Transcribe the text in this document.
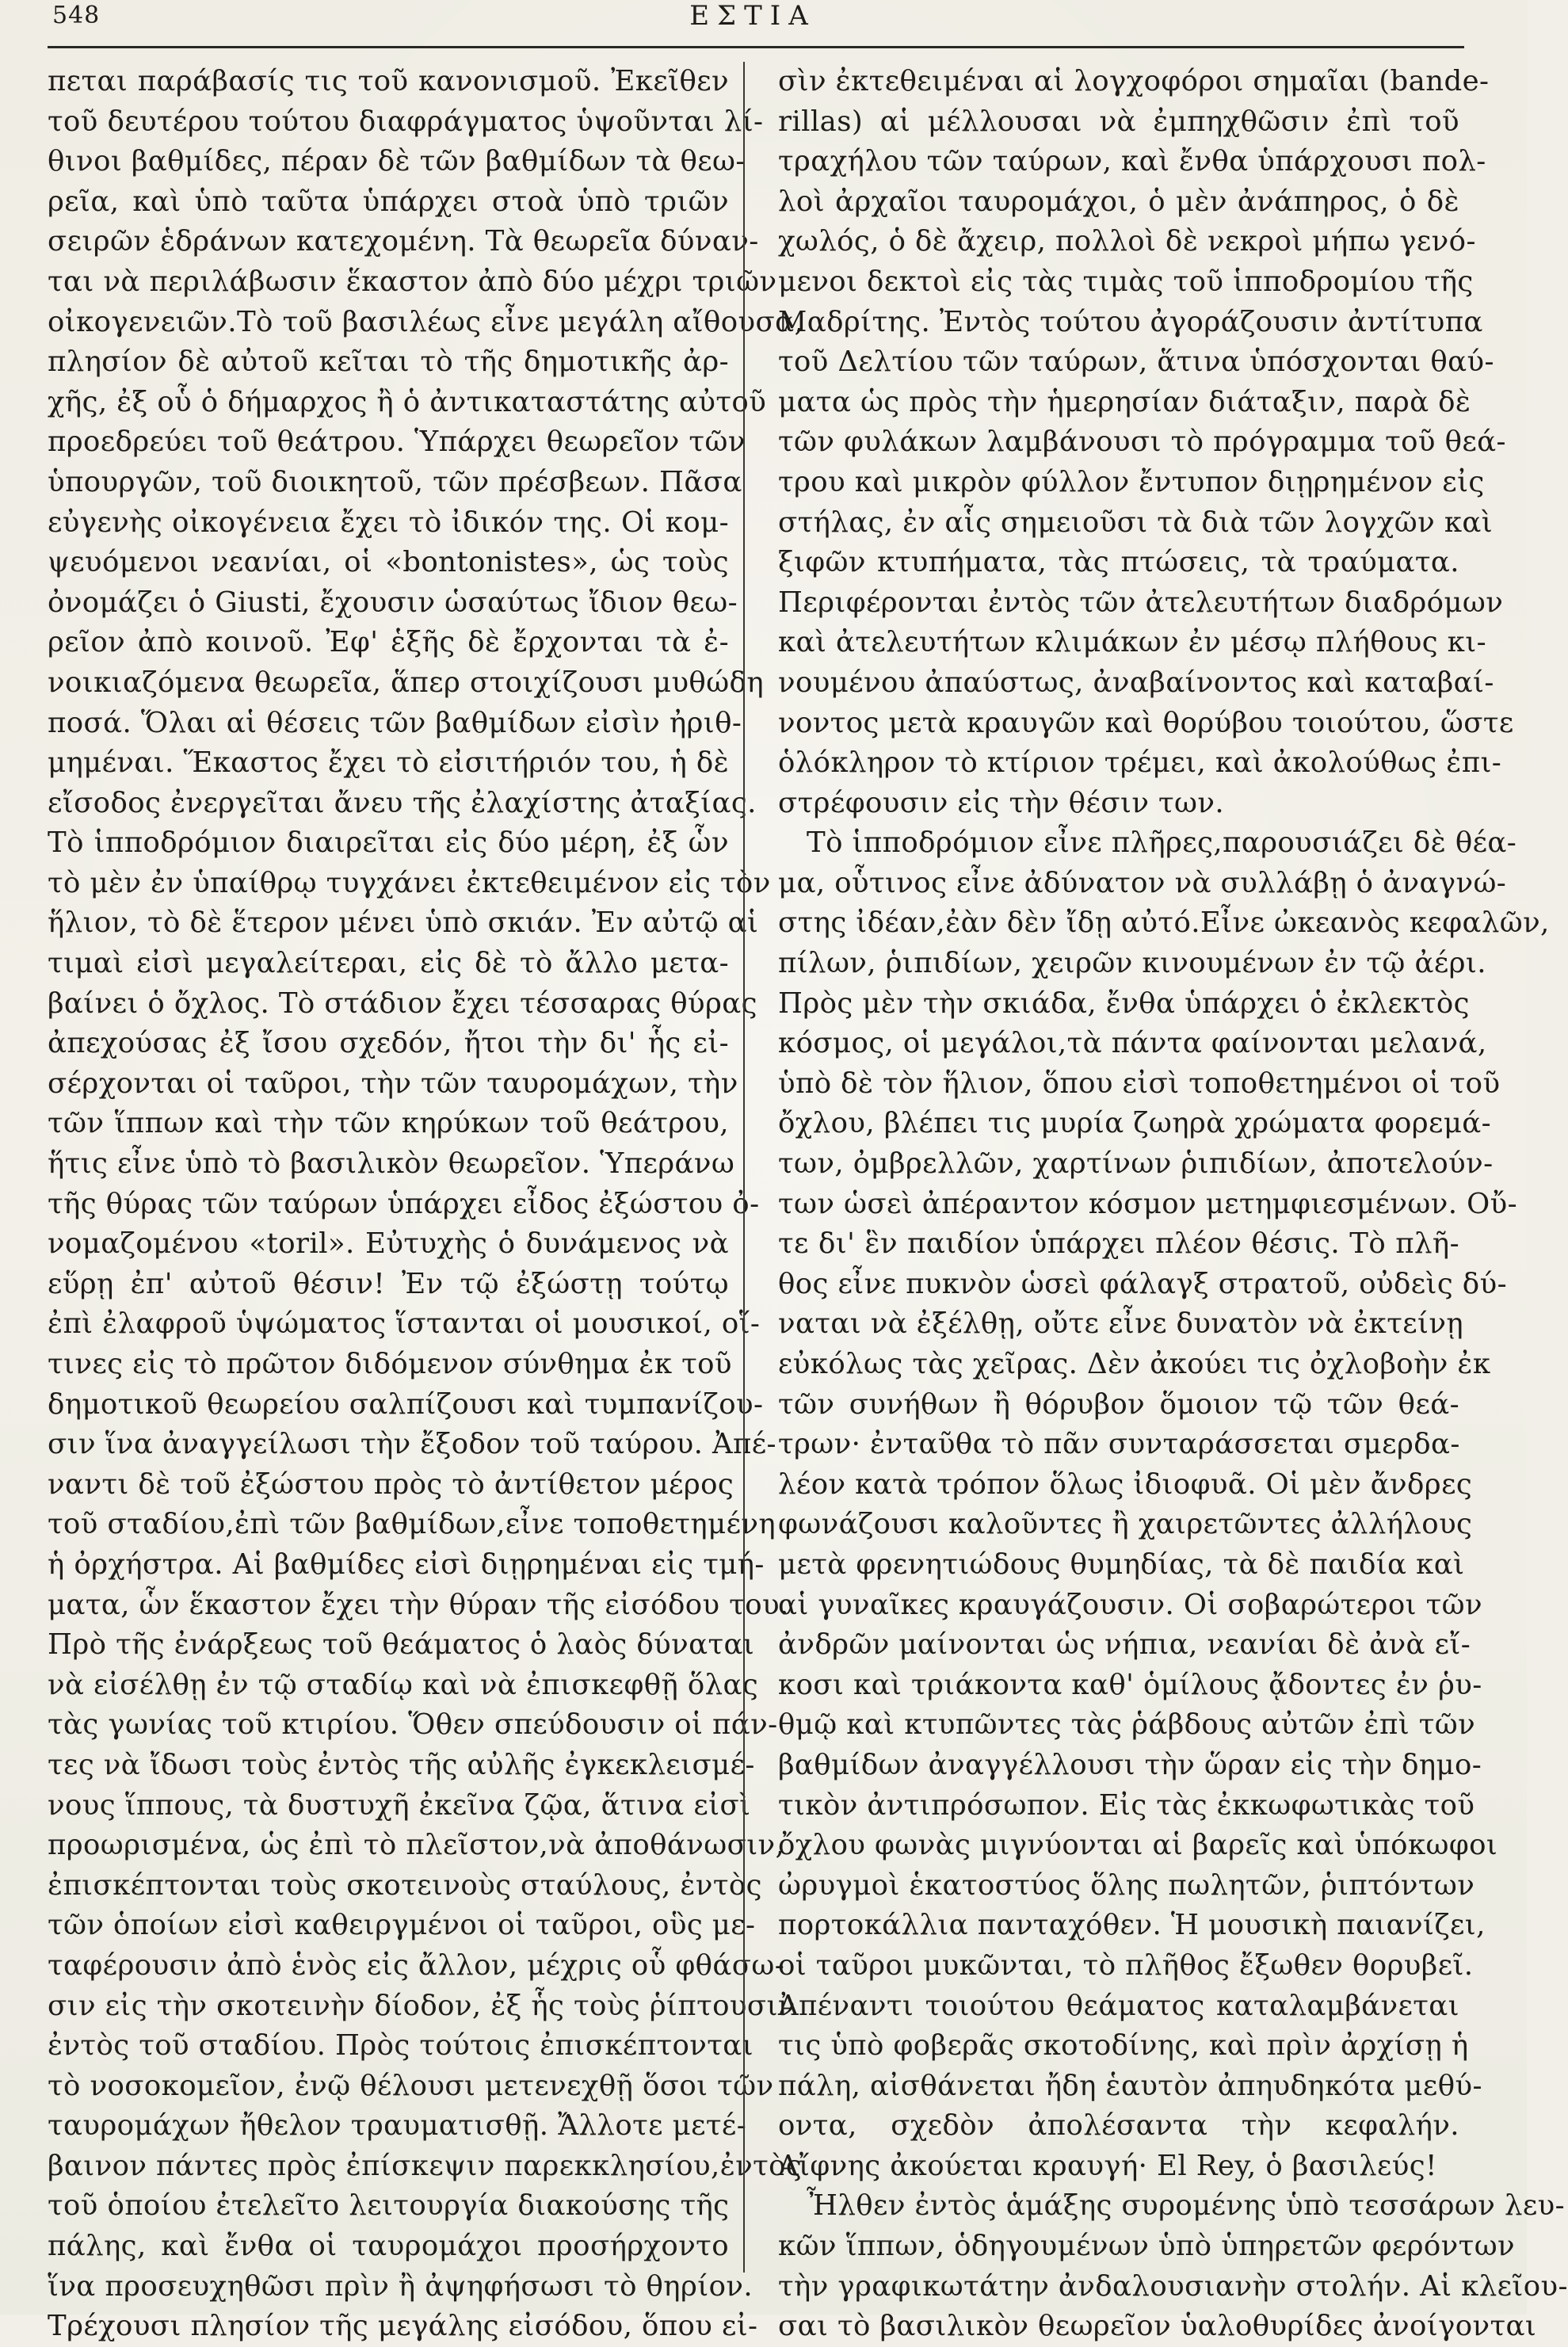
548	ΕΣΤΙΑ
πεται παράβασίς τις τοῦ κανονισμοῦ. Ἐκεῖθεν
τοῦ δευτέρου τούτου διαφράγματος ὑψοῦνται λί-
θινοι βαθμίδες, πέραν δὲ τῶν βαθμίδων τὰ θεω-
ρεῖα, καὶ ὑπὸ ταῦτα ὑπάρχει στοὰ ὑπὸ τριῶν
σειρῶν ἑδράνων κατεχομένη. Τὰ θεωρεῖα δύναν-
ται νὰ περιλάβωσιν ἕκαστον ἀπὸ δύο μέχρι τριῶν
οἰκογενειῶν.Τὸ τοῦ βασιλέως εἶνε μεγάλη αἴθουσα,
πλησίον δὲ αὐτοῦ κεῖται τὸ τῆς δημοτικῆς ἀρ-
χῆς, ἐξ οὗ ὁ δήμαρχος ἢ ὁ ἀντικαταστάτης αὐτοῦ
προεδρεύει τοῦ θεάτρου. Ὑπάρχει θεωρεῖον τῶν
ὑπουργῶν, τοῦ διοικητοῦ, τῶν πρέσβεων. Πᾶσα
εὐγενὴς οἰκογένεια ἔχει τὸ ἰδικόν της. Οἱ κομ-
ψευόμενοι νεανίαι, οἱ «bontonistes», ὡς τοὺς
ὀνομάζει ὁ Giusti, ἔχουσιν ὡσαύτως ἴδιον θεω-
ρεῖον ἀπὸ κοινοῦ. Ἐφ' ἑξῆς δὲ ἔρχονται τὰ ἐ-
νοικιαζόμενα θεωρεῖα, ἅπερ στοιχίζουσι μυθώδη
ποσά. Ὅλαι αἱ θέσεις τῶν βαθμίδων εἰσὶν ἠριθ-
μημέναι. Ἕκαστος ἔχει τὸ εἰσιτήριόν του, ἡ δὲ
εἴσοδος ἐνεργεῖται ἄνευ τῆς ἐλαχίστης ἀταξίας.
Τὸ ἱπποδρόμιον διαιρεῖται εἰς δύο μέρη, ἐξ ὧν
τὸ μὲν ἐν ὑπαίθρῳ τυγχάνει ἐκτεθειμένον εἰς τὸν
ἥλιον, τὸ δὲ ἕτερον μένει ὑπὸ σκιάν. Ἐν αὐτῷ αἱ
τιμαὶ εἰσὶ μεγαλείτεραι, εἰς δὲ τὸ ἄλλο μετα-
βαίνει ὁ ὄχλος. Τὸ στάδιον ἔχει τέσσαρας θύρας
ἀπεχούσας ἐξ ἴσου σχεδόν, ἤτοι τὴν δι' ἧς εἰ-
σέρχονται οἱ ταῦροι, τὴν τῶν ταυρομάχων, τὴν
τῶν ἵππων καὶ τὴν τῶν κηρύκων τοῦ θεάτρου,
ἥτις εἶνε ὑπὸ τὸ βασιλικὸν θεωρεῖον. Ὑπεράνω
τῆς θύρας τῶν ταύρων ὑπάρχει εἶδος ἐξώστου ὀ-
νομαζομένου «toril». Εὐτυχὴς ὁ δυνάμενος νὰ
εὕρῃ ἐπ' αὐτοῦ θέσιν! Ἐν τῷ ἐξώστῃ τούτῳ
ἐπὶ ἐλαφροῦ ὑψώματος ἵστανται οἱ μουσικοί, οἵ-
τινες εἰς τὸ πρῶτον διδόμενον σύνθημα ἐκ τοῦ
δημοτικοῦ θεωρείου σαλπίζουσι καὶ τυμπανίζου-
σιν ἵνα ἀναγγείλωσι τὴν ἔξοδον τοῦ ταύρου. Ἀπέ-
ναντι δὲ τοῦ ἐξώστου πρὸς τὸ ἀντίθετον μέρος
τοῦ σταδίου,ἐπὶ τῶν βαθμίδων,εἶνε τοποθετημένη
ἡ ὀρχήστρα. Αἱ βαθμίδες εἰσὶ διῃρημέναι εἰς τμή-
ματα, ὧν ἕκαστον ἔχει τὴν θύραν τῆς εἰσόδου του.
Πρὸ τῆς ἐνάρξεως τοῦ θεάματος ὁ λαὸς δύναται
νὰ εἰσέλθῃ ἐν τῷ σταδίῳ καὶ νὰ ἐπισκεφθῇ ὅλας
τὰς γωνίας τοῦ κτιρίου. Ὅθεν σπεύδουσιν οἱ πάν-
τες νὰ ἴδωσι τοὺς ἐντὸς τῆς αὐλῆς ἐγκεκλεισμέ-
νους ἵππους, τὰ δυστυχῆ ἐκεῖνα ζῷα, ἅτινα εἰσὶ
προωρισμένα, ὡς ἐπὶ τὸ πλεῖστον,νὰ ἀποθάνωσιν,
ἐπισκέπτονται τοὺς σκοτεινοὺς σταύλους, ἐντὸς
τῶν ὁποίων εἰσὶ καθειργμένοι οἱ ταῦροι, οὓς με-
ταφέρουσιν ἀπὸ ἑνὸς εἰς ἄλλον, μέχρις οὗ φθάσω-
σιν εἰς τὴν σκοτεινὴν δίοδον, ἐξ ἧς τοὺς ῥίπτουσιν
ἐντὸς τοῦ σταδίου. Πρὸς τούτοις ἐπισκέπτονται
τὸ νοσοκομεῖον, ἐνῷ θέλουσι μετενεχθῇ ὅσοι τῶν
ταυρομάχων ἤθελον τραυματισθῇ. Ἄλλοτε μετέ-
βαινον πάντες πρὸς ἐπίσκεψιν παρεκκλησίου,ἐντὸς
τοῦ ὁποίου ἐτελεῖτο λειτουργία διακούσης τῆς
πάλης, καὶ ἔνθα οἱ ταυρομάχοι προσήρχοντο
ἵνα προσευχηθῶσι πρὶν ἢ ἀψηφήσωσι τὸ θηρίον.
Τρέχουσι πλησίον τῆς μεγάλης εἰσόδου, ὅπου εἰ-
σὶν ἐκτεθειμέναι αἱ λογχοφόροι σημαῖαι (bande-
rillas) αἱ μέλλουσαι νὰ ἐμπηχθῶσιν ἐπὶ τοῦ
τραχήλου τῶν ταύρων, καὶ ἔνθα ὑπάρχουσι πολ-
λοὶ ἀρχαῖοι ταυρομάχοι, ὁ μὲν ἀνάπηρος, ὁ δὲ
χωλός, ὁ δὲ ἄχειρ, πολλοὶ δὲ νεκροὶ μήπω γενό-
μενοι δεκτοὶ εἰς τὰς τιμὰς τοῦ ἱπποδρομίου τῆς
Μαδρίτης. Ἐντὸς τούτου ἀγοράζουσιν ἀντίτυπα
τοῦ Δελτίου τῶν ταύρων, ἅτινα ὑπόσχονται θαύ-
ματα ὡς πρὸς τὴν ἡμερησίαν διάταξιν, παρὰ δὲ
τῶν φυλάκων λαμβάνουσι τὸ πρόγραμμα τοῦ θεά-
τρου καὶ μικρὸν φύλλον ἔντυπον διῃρημένον εἰς
στήλας, ἐν αἷς σημειοῦσι τὰ διὰ τῶν λογχῶν καὶ
ξιφῶν κτυπήματα, τὰς πτώσεις, τὰ τραύματα.
Περιφέρονται ἐντὸς τῶν ἀτελευτήτων διαδρόμων
καὶ ἀτελευτήτων κλιμάκων ἐν μέσῳ πλήθους κι-
νουμένου ἀπαύστως, ἀναβαίνοντος καὶ καταβαί-
νοντος μετὰ κραυγῶν καὶ θορύβου τοιούτου, ὥστε
ὁλόκληρον τὸ κτίριον τρέμει, καὶ ἀκολούθως ἐπι-
στρέφουσιν εἰς τὴν θέσιν των.
Τὸ ἱπποδρόμιον εἶνε πλῆρες,παρουσιάζει δὲ θέα-
μα, οὗτινος εἶνε ἀδύνατον νὰ συλλάβῃ ὁ ἀναγνώ-
στης ἰδέαν,ἐὰν δὲν ἴδῃ αὐτό.Εἶνε ὠκεανὸς κεφαλῶν,
πίλων, ῥιπιδίων, χειρῶν κινουμένων ἐν τῷ ἀέρι.
Πρὸς μὲν τὴν σκιάδα, ἔνθα ὑπάρχει ὁ ἐκλεκτὸς
κόσμος, οἱ μεγάλοι,τὰ πάντα φαίνονται μελανά,
ὑπὸ δὲ τὸν ἥλιον, ὅπου εἰσὶ τοποθετημένοι οἱ τοῦ
ὄχλου, βλέπει τις μυρία ζωηρὰ χρώματα φορεμά-
των, ὀμβρελλῶν, χαρτίνων ῥιπιδίων, ἀποτελούν-
των ὡσεὶ ἀπέραντον κόσμον μετημφιεσμένων. Οὔ-
τε δι' ἓν παιδίον ὑπάρχει πλέον θέσις. Τὸ πλῆ-
θος εἶνε πυκνὸν ὡσεὶ φάλαγξ στρατοῦ, οὐδεὶς δύ-
ναται νὰ ἐξέλθῃ, οὔτε εἶνε δυνατὸν νὰ ἐκτείνῃ
εὐκόλως τὰς χεῖρας. Δὲν ἀκούει τις ὀχλοβοὴν ἐκ
τῶν συνήθων ἢ θόρυβον ὅμοιον τῷ τῶν θεά-
τρων· ἐνταῦθα τὸ πᾶν συνταράσσεται σμερδα-
λέον κατὰ τρόπον ὅλως ἰδιοφυᾶ. Οἱ μὲν ἄνδρες
φωνάζουσι καλοῦντες ἢ χαιρετῶντες ἀλλήλους
μετὰ φρενητιώδους θυμηδίας, τὰ δὲ παιδία καὶ
αἱ γυναῖκες κραυγάζουσιν. Οἱ σοβαρώτεροι τῶν
ἀνδρῶν μαίνονται ὡς νήπια, νεανίαι δὲ ἀνὰ εἴ-
κοσι καὶ τριάκοντα καθ' ὁμίλους ᾄδοντες ἐν ῥυ-
θμῷ καὶ κτυπῶντες τὰς ῥάβδους αὐτῶν ἐπὶ τῶν
βαθμίδων ἀναγγέλλουσι τὴν ὥραν εἰς τὴν δημο-
τικὸν ἀντιπρόσωπον. Εἰς τὰς ἐκκωφωτικὰς τοῦ
ὄχλου φωνὰς μιγνύονται αἱ βαρεῖς καὶ ὑπόκωφοι
ὠρυγμοὶ ἑκατοστύος ὅλης πωλητῶν, ῥιπτόντων
πορτοκάλλια πανταχόθεν. Ἡ μουσικὴ παιανίζει,
οἱ ταῦροι μυκῶνται, τὸ πλῆθος ἔξωθεν θορυβεῖ.
Ἀπέναντι τοιούτου θεάματος καταλαμβάνεται
τις ὑπὸ φοβερᾶς σκοτοδίνης, καὶ πρὶν ἀρχίσῃ ἡ
πάλη, αἰσθάνεται ἤδη ἑαυτὸν ἀπηυδηκότα μεθύ-
οντα, σχεδὸν ἀπολέσαντα τὴν κεφαλήν.
Αἴφνης ἀκούεται κραυγή· El Rey, ὁ βασιλεύς!
Ἦλθεν ἐντὸς ἁμάξης συρομένης ὑπὸ τεσσάρων λευ-
κῶν ἵππων, ὁδηγουμένων ὑπὸ ὑπηρετῶν φερόντων
τὴν γραφικωτάτην ἀνδαλουσιανὴν στολήν. Αἱ κλεῖου-
σαι τὸ βασιλικὸν θεωρεῖον ὑαλοθυρίδες ἀνοίγονται
